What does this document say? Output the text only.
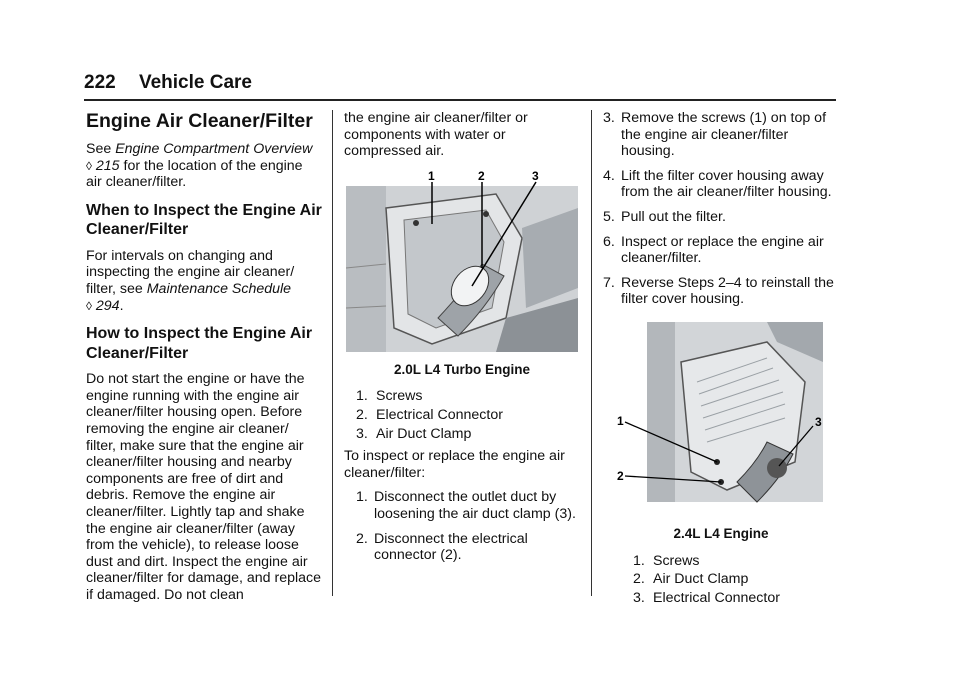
222 Vehicle Care
Engine Air Cleaner/Filter
See Engine Compartment Overview
◊ 215 for the location of the engine air cleaner/filter.
When to Inspect the Engine Air Cleaner/Filter
For intervals on changing and inspecting the engine air cleaner/ filter, see Maintenance Schedule
◊ 294.
How to Inspect the Engine Air Cleaner/Filter
Do not start the engine or have the engine running with the engine air cleaner/filter housing open. Before removing the engine air cleaner/ filter, make sure that the engine air cleaner/filter housing and nearby components are free of dirt and debris. Remove the engine air cleaner/filter. Lightly tap and shake the engine air cleaner/filter (away from the vehicle), to release loose dust and dirt. Inspect the engine air cleaner/filter for damage, and replace if damaged. Do not clean
the engine air cleaner/filter or components with water or compressed air.
1	2	3
2.0L L4 Turbo Engine
1. Screws
2. Electrical Connector
3. Air Duct Clamp
To inspect or replace the engine air cleaner/filter:
1. Disconnect the outlet duct by loosening the air duct clamp (3).
2. Disconnect the electrical connector (2).
3. Remove the screws (1) on top of the engine air cleaner/filter housing.
4. Lift the filter cover housing away from the air cleaner/filter housing.
5. Pull out the filter.
6. Inspect or replace the engine air cleaner/filter.
7. Reverse Steps 2–4 to reinstall the filter cover housing.
1
2
3
2.4L L4 Engine
1. Screws
2. Air Duct Clamp
3. Electrical Connector
